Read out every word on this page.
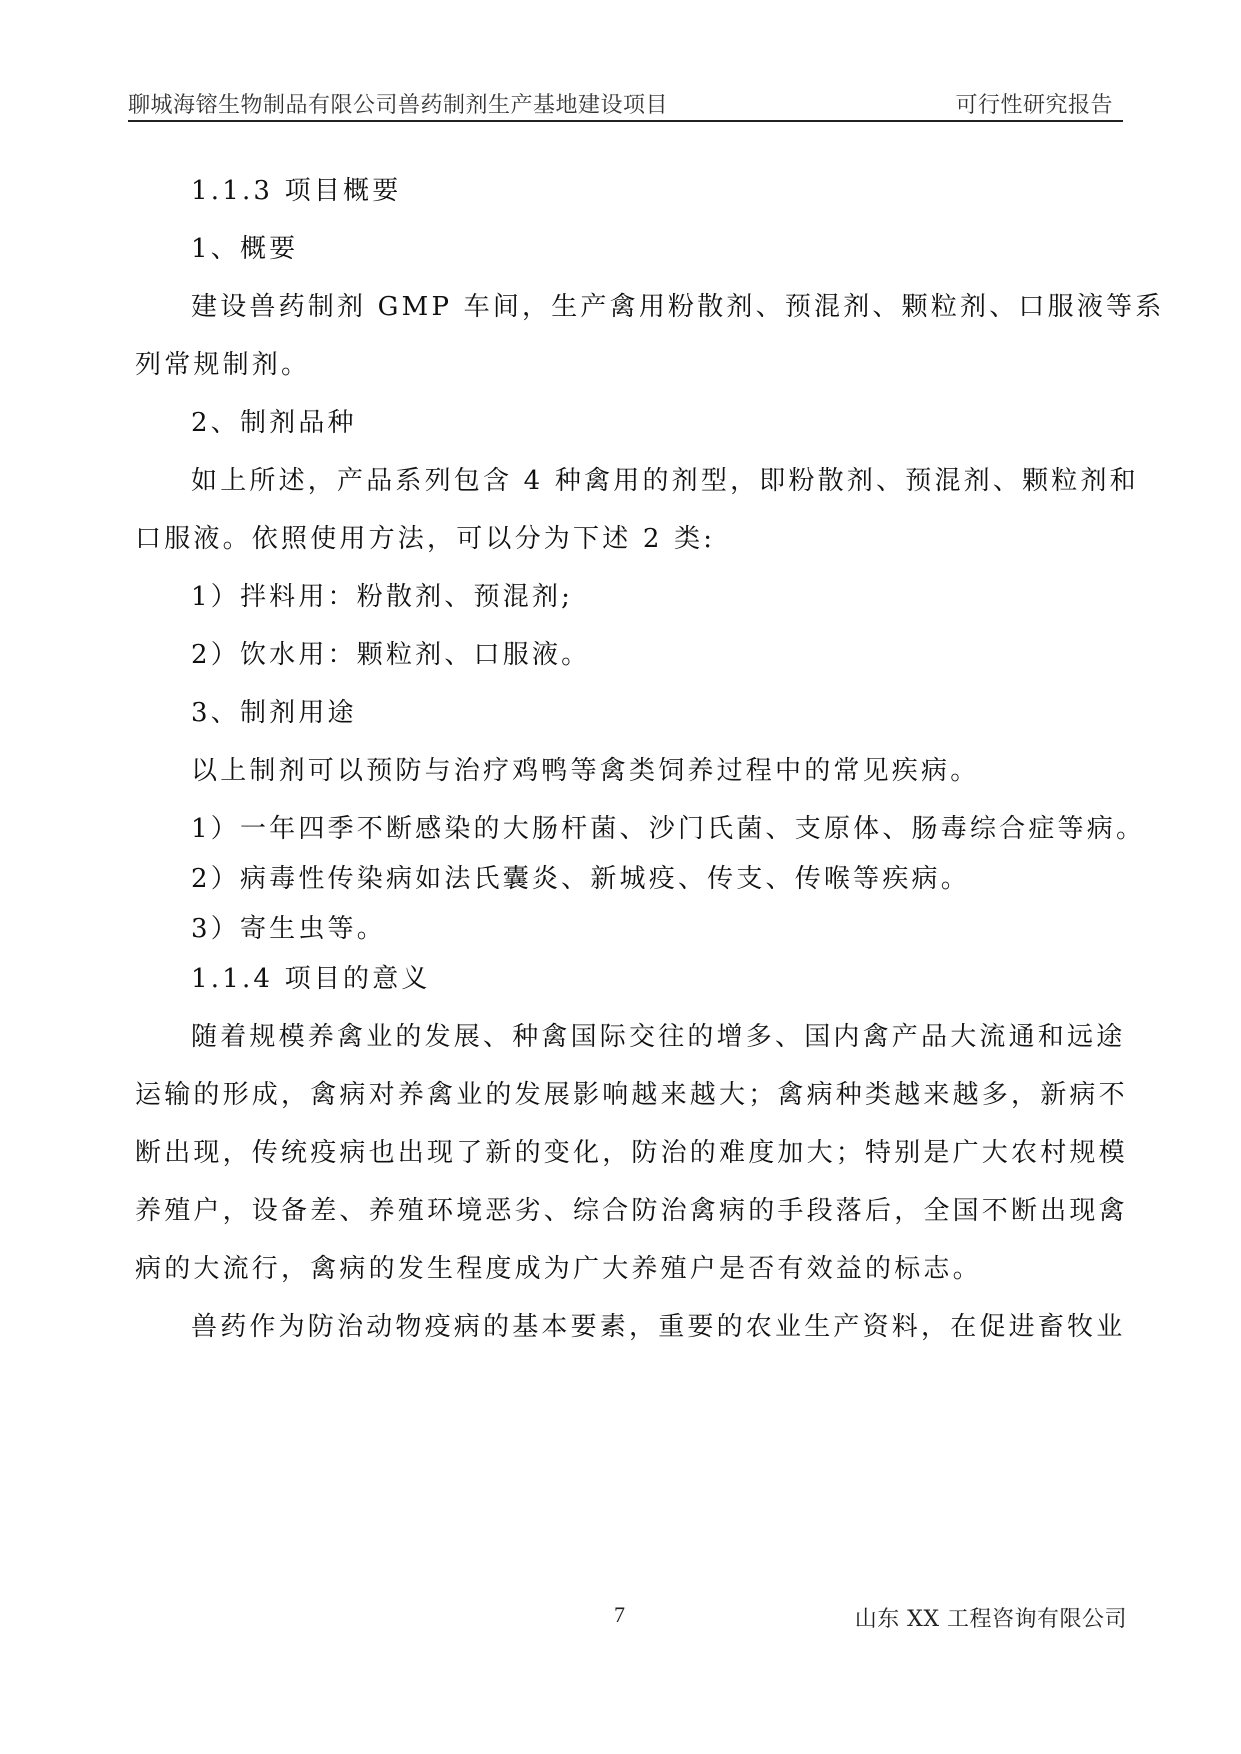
聊城海镕生物制品有限公司兽药制剂生产基地建设项目	可行性研究报告

1.1.3 项目概要

1、概要

建设兽药制剂 GMP 车间，生产禽用粉散剂、预混剂、颗粒剂、口服液等系

列常规制剂。

2、制剂品种

如上所述，产品系列包含 4 种禽用的剂型，即粉散剂、预混剂、颗粒剂和

口服液。依照使用方法，可以分为下述 2 类:

1）拌料用：粉散剂、预混剂;

2）饮水用：颗粒剂、口服液。

3、制剂用途

以上制剂可以预防与治疗鸡鸭等禽类饲养过程中的常见疾病。

1）一年四季不断感染的大肠杆菌、沙门氏菌、支原体、肠毒综合症等病。

2）病毒性传染病如法氏囊炎、新城疫、传支、传喉等疾病。

3）寄生虫等。

1.1.4 项目的意义

随着规模养禽业的发展、种禽国际交往的增多、国内禽产品大流通和远途

运输的形成，禽病对养禽业的发展影响越来越大；禽病种类越来越多，新病不

断出现，传统疫病也出现了新的变化，防治的难度加大；特别是广大农村规模

养殖户，设备差、养殖环境恶劣、综合防治禽病的手段落后，全国不断出现禽

病的大流行，禽病的发生程度成为广大养殖户是否有效益的标志。

兽药作为防治动物疫病的基本要素，重要的农业生产资料，在促进畜牧业

7	山东 XX 工程咨询有限公司
